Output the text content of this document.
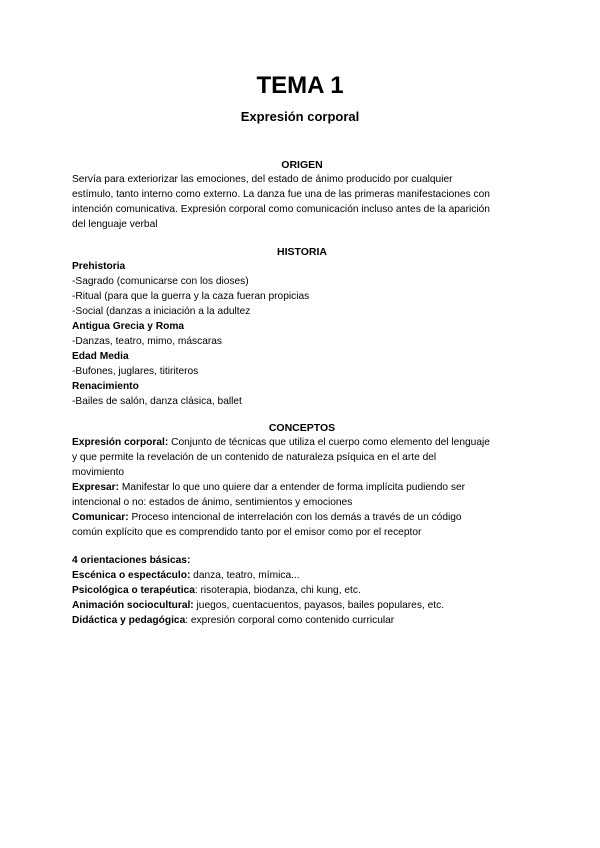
TEMA 1
Expresión corporal
ORIGEN
Servía para exteriorizar las emociones, del estado de ánimo producido por cualquier
estímulo, tanto interno como externo. La danza fue una de las primeras manifestaciones con
intención comunicativa. Expresión corporal como comunicación incluso antes de la aparición
del lenguaje verbal
HISTORIA
Prehistoria
-Sagrado (comunicarse con los dioses)
-Ritual (para que la guerra y la caza fueran propicias
-Social (danzas a iniciación a la adultez
Antigua Grecia y Roma
-Danzas, teatro, mimo, máscaras
Edad Media
-Bufones, juglares, titiriteros
Renacimiento
-Bailes de salón, danza clásica, ballet
CONCEPTOS
Expresión corporal: Conjunto de técnicas que utiliza el cuerpo como elemento del lenguaje
y que permite la revelación de un contenido de naturaleza psíquica en el arte del
movimiento
Expresar: Manifestar lo que uno quiere dar a entender de forma implícita pudiendo ser
intencional o no: estados de ánimo, sentimientos y emociones
Comunicar: Proceso intencional de interrelación con los demás a través de un código
común explícito que es comprendido tanto por el emisor como por el receptor
4 orientaciones básicas:
Escénica o espectáculo: danza, teatro, mímica...
Psicológica o terapéutica: risoterapia, biodanza, chi kung, etc.
Animación sociocultural: juegos, cuentacuentos, payasos, bailes populares, etc.
Didáctica y pedagógica: expresión corporal como contenido curricular
